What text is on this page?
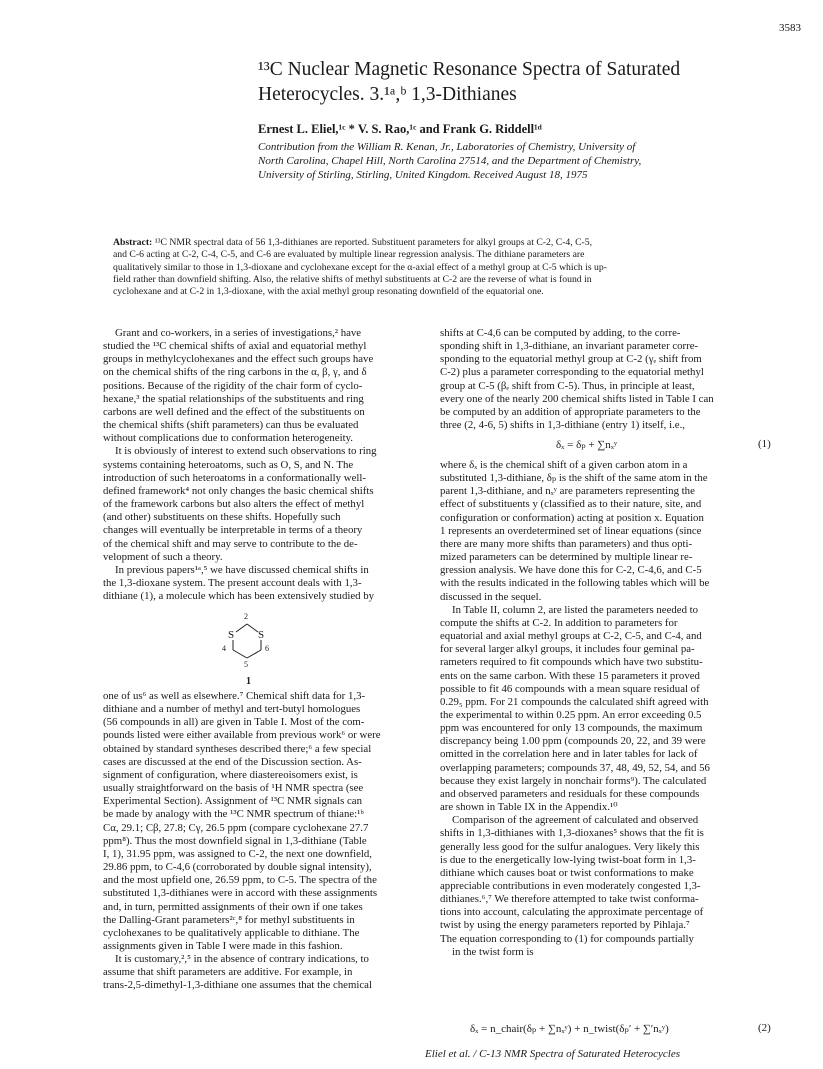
3583
¹³C Nuclear Magnetic Resonance Spectra of Saturated
Heterocycles. 3.¹ᵃ,ᵇ 1,3-Dithianes
Ernest L. Eliel,¹ᶜ * V. S. Rao,¹ᶜ and Frank G. Riddell¹ᵈ
Contribution from the William R. Kenan, Jr., Laboratories of Chemistry, University of
North Carolina, Chapel Hill, North Carolina 27514, and the Department of Chemistry,
University of Stirling, Stirling, United Kingdom. Received August 18, 1975
Abstract: ¹³C NMR spectral data of 56 1,3-dithianes are reported. Substituent parameters for alkyl groups at C-2, C-4, C-5,
and C-6 acting at C-2, C-4, C-5, and C-6 are evaluated by multiple linear regression analysis. The dithiane parameters are
qualitatively similar to those in 1,3-dioxane and cyclohexane except for the α-axial effect of a methyl group at C-5 which is up-
field rather than downfield shifting. Also, the relative shifts of methyl substituents at C-2 are the reverse of what is found in
cyclohexane and at C-2 in 1,3-dioxane, with the axial methyl group resonating downfield of the equatorial one.
Grant and co-workers, in a series of investigations,² have
studied the ¹³C chemical shifts of axial and equatorial methyl
groups in methylcyclohexanes and the effect such groups have
on the chemical shifts of the ring carbons in the α, β, γ, and δ
positions. Because of the rigidity of the chair form of cyclo-
hexane,³ the spatial relationships of the substituents and ring
carbons are well defined and the effect of the substituents on
the chemical shifts (shift parameters) can thus be evaluated
without complications due to conformation heterogeneity.
It is obviously of interest to extend such observations to ring
systems containing heteroatoms, such as O, S, and N. The
introduction of such heteroatoms in a conformationally well-
defined framework⁴ not only changes the basic chemical shifts
of the framework carbons but also alters the effect of methyl
(and other) substituents on these shifts. Hopefully such
changes will eventually be interpretable in terms of a theory
of the chemical shift and may serve to contribute to the de-
velopment of such a theory.
In previous papers¹ᵃ,⁵ we have discussed chemical shifts in
the 1,3-dioxane system. The present account deals with 1,3-
dithiane (1), a molecule which has been extensively studied by
2
S S
4	6
5
1
one of us⁶ as well as elsewhere.⁷ Chemical shift data for 1,3-
dithiane and a number of methyl and tert-butyl homologues
(56 compounds in all) are given in Table I. Most of the com-
pounds listed were either available from previous work⁶ or were
obtained by standard syntheses described there;⁶ a few special
cases are discussed at the end of the Discussion section. As-
signment of configuration, where diastereoisomers exist, is
usually straightforward on the basis of ¹H NMR spectra (see
Experimental Section). Assignment of ¹³C NMR signals can
be made by analogy with the ¹³C NMR spectrum of thiane:¹ᵇ
Cα, 29.1; Cβ, 27.8; Cγ, 26.5 ppm (compare cyclohexane 27.7
ppm⁸). Thus the most downfield signal in 1,3-dithiane (Table
I, 1), 31.95 ppm, was assigned to C-2, the next one downfield,
29.86 ppm, to C-4,6 (corroborated by double signal intensity),
and the most upfield one, 26.59 ppm, to C-5. The spectra of the
substituted 1,3-dithianes were in accord with these assignments
and, in turn, permitted assignments of their own if one takes
the Dalling-Grant parameters²ᶜ,⁸ for methyl substituents in
cyclohexanes to be qualitatively applicable to dithiane. The
assignments given in Table I were made in this fashion.
It is customary,²,⁵ in the absence of contrary indications, to
assume that shift parameters are additive. For example, in
trans-2,5-dimethyl-1,3-dithiane one assumes that the chemical
shifts at C-4,6 can be computed by adding, to the corre-
sponding shift in 1,3-dithiane, an invariant parameter corre-
sponding to the equatorial methyl group at C-2 (γₑ shift from
C-2) plus a parameter corresponding to the equatorial methyl
group at C-5 (βₑ shift from C-5). Thus, in principle at least,
every one of the nearly 200 chemical shifts listed in Table I can
be computed by an addition of appropriate parameters to the
three (2, 4-6, 5) shifts in 1,3-dithiane (entry 1) itself, i.e.,
δₓ = δₚ + ∑nₓʸ	(1)
where δₓ is the chemical shift of a given carbon atom in a
substituted 1,3-dithiane, δₚ is the shift of the same atom in the
parent 1,3-dithiane, and nₓʸ are parameters representing the
effect of substituents y (classified as to their nature, site, and
configuration or conformation) acting at position x. Equation
1 represents an overdetermined set of linear equations (since
there are many more shifts than parameters) and thus opti-
mized parameters can be determined by multiple linear re-
gression analysis. We have done this for C-2, C-4,6, and C-5
with the results indicated in the following tables which will be
discussed in the sequel.
In Table II, column 2, are listed the parameters needed to
compute the shifts at C-2. In addition to parameters for
equatorial and axial methyl groups at C-2, C-5, and C-4, and
for several larger alkyl groups, it includes four geminal pa-
rameters required to fit compounds which have two substitu-
ents on the same carbon. With these 15 parameters it proved
possible to fit 46 compounds with a mean square residual of
0.29₅ ppm. For 21 compounds the calculated shift agreed with
the experimental to within 0.25 ppm. An error exceeding 0.5
ppm was encountered for only 13 compounds, the maximum
discrepancy being 1.00 ppm (compounds 20, 22, and 39 were
omitted in the correlation here and in later tables for lack of
overlapping parameters; compounds 37, 48, 49, 52, 54, and 56
because they exist largely in nonchair forms⁹). The calculated
and observed parameters and residuals for these compounds
are shown in Table IX in the Appendix.¹⁰
Comparison of the agreement of calculated and observed
shifts in 1,3-dithianes with 1,3-dioxanes⁵ shows that the fit is
generally less good for the sulfur analogues. Very likely this
is due to the energetically low-lying twist-boat form in 1,3-
dithiane which causes boat or twist conformations to make
appreciable contributions in even moderately congested 1,3-
dithianes.⁶,⁷ We therefore attempted to take twist conforma-
tions into account, calculating the approximate percentage of
twist by using the energy parameters reported by Pihlaja.⁷
The equation corresponding to (1) for compounds partially
in the twist form is
δₓ = n_chair(δₚ + ∑nₓʸ) + n_twist(δₚ′ + ∑′nₓʸ)	(2)
Eliel et al. / C-13 NMR Spectra of Saturated Heterocycles
